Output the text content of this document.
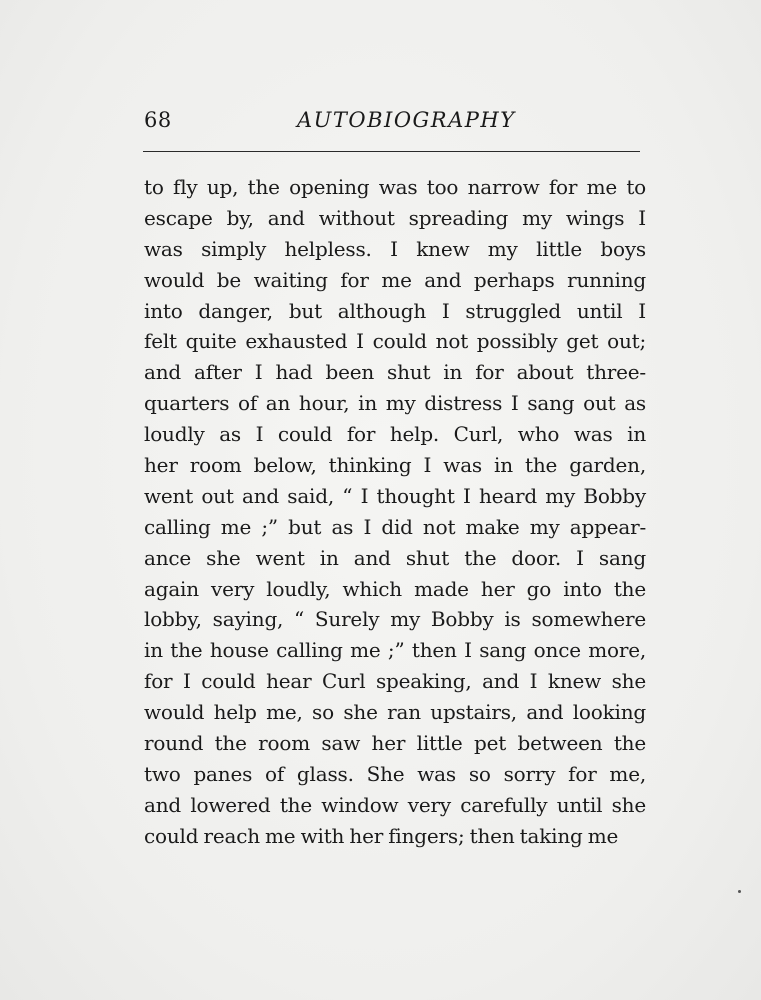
68	AUTOBIOGRAPHY
to fly up, the opening was too narrow for me to
escape by, and without spreading my wings I
was simply helpless. I knew my little boys
would be waiting for me and perhaps running
into danger, but although I struggled until I
felt quite exhausted I could not possibly get out;
and after I had been shut in for about three-
quarters of an hour, in my distress I sang out as
loudly as I could for help. Curl, who was in
her room below, thinking I was in the garden,
went out and said, “ I thought I heard my Bobby
calling me ;” but as I did not make my appear-
ance she went in and shut the door. I sang
again very loudly, which made her go into the
lobby, saying, “ Surely my Bobby is somewhere
in the house calling me ;” then I sang once more,
for I could hear Curl speaking, and I knew she
would help me, so she ran upstairs, and looking
round the room saw her little pet between the
two panes of glass. She was so sorry for me,
and lowered the window very carefully until she
could reach me with her fingers; then taking me
